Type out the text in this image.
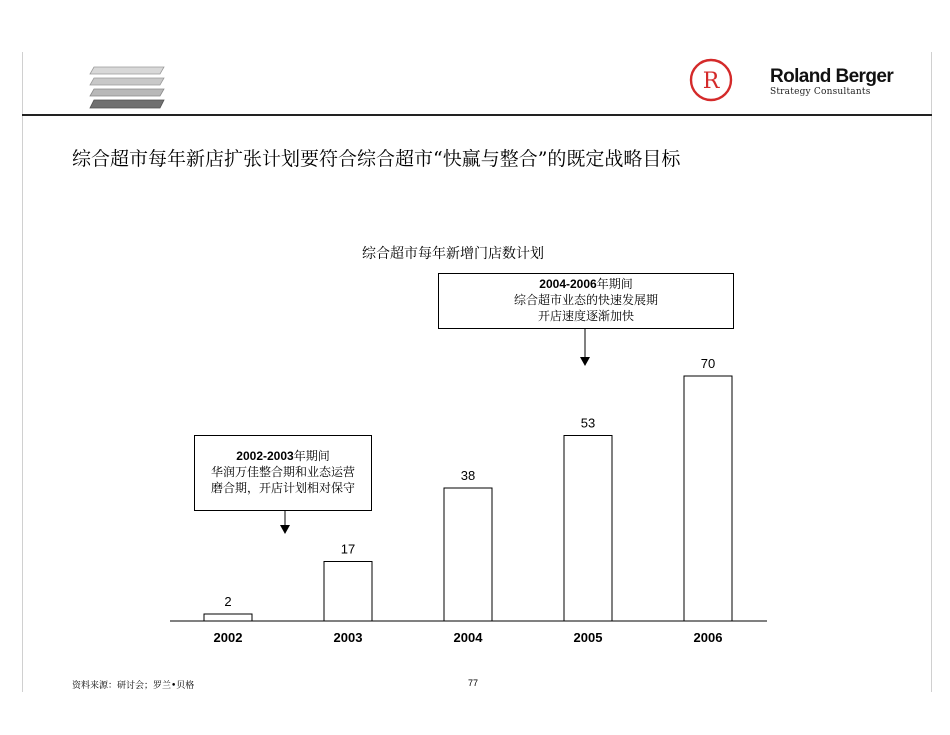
R	Roland Berger
Strategy Consultants
综合超市每年新店扩张计划要符合综合超市“快赢与整合”的既定战略目标
综合超市每年新增门店数计划
2004-2006年期间
综合超市业态的快速发展期
开店速度逐渐加快
2002-2003年期间
华润万佳整合期和业态运营
磨合期，开店计划相对保守
2
2002
17
2003
38
2004
53
2005
70
2006
资料来源：研讨会；罗兰•贝格	77
